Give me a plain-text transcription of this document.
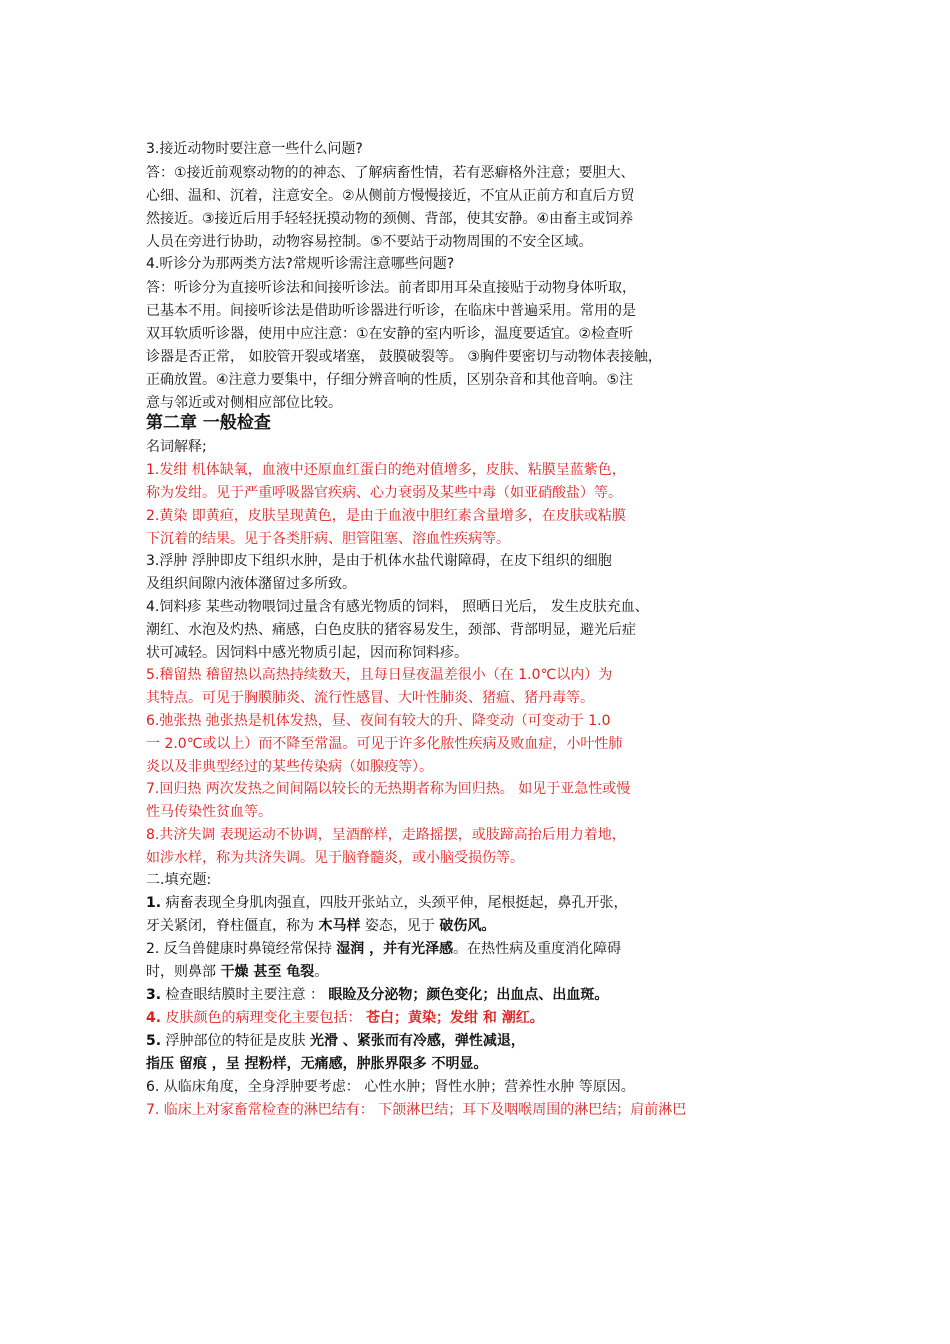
3.接近动物时要注意一些什么问题?
答：①接近前观察动物的的神态、了解病畜性情，若有恶癖格外注意；要胆大、
心细、温和、沉着，注意安全。②从侧前方慢慢接近，不宜从正前方和直后方贸
然接近。③接近后用手轻轻抚摸动物的颈侧、背部，使其安静。④由畜主或饲养
人员在旁进行协助，动物容易控制。⑤不要站于动物周围的不安全区域。
4.听诊分为那两类方法?常规听诊需注意哪些问题?
答：听诊分为直接听诊法和间接听诊法。前者即用耳朵直接贴于动物身体听取，
已基本不用。间接听诊法是借助听诊器进行听诊，在临床中普遍采用。常用的是
双耳软质听诊器，使用中应注意：①在安静的室内听诊，温度要适宜。②检查听
诊器是否正常， 如胶管开裂或堵塞， 鼓膜破裂等。 ③胸件要密切与动物体表接触，
正确放置。④注意力要集中，仔细分辨音响的性质，区别杂音和其他音响。⑤注
意与邻近或对侧相应部位比较。
第二章 一般检查
名词解释;
1.发绀 机体缺氧，血液中还原血红蛋白的绝对值增多，皮肤、粘膜呈蓝紫色，
称为发绀。见于严重呼吸器官疾病、心力衰弱及某些中毒（如亚硝酸盐）等。
2.黄染 即黄疸，皮肤呈现黄色，是由于血液中胆红素含量增多，在皮肤或粘膜
下沉着的结果。见于各类肝病、胆管阻塞、溶血性疾病等。
3.浮肿 浮肿即皮下组织水肿，是由于机体水盐代谢障碍，在皮下组织的细胞
及组织间隙内液体潴留过多所致。
4.饲料疹 某些动物喂饲过量含有感光物质的饲料， 照晒日光后， 发生皮肤充血、
潮红、水泡及灼热、痛感，白色皮肤的猪容易发生，颈部、背部明显，避光后症
状可减轻。因饲料中感光物质引起，因而称饲料疹。
5.稽留热 稽留热以高热持续数天，且每日昼夜温差很小（在 1.0℃以内）为
其特点。可见于胸膜肺炎、流行性感冒、大叶性肺炎、猪瘟、猪丹毒等。
6.弛张热 弛张热是机体发热，昼、夜间有较大的升、降变动（可变动于 1.0
一 2.0℃或以上）而不降至常温。可见于许多化脓性疾病及败血症，小叶性肺
炎以及非典型经过的某些传染病（如腺疫等）。
7.回归热 两次发热之间间隔以较长的无热期者称为回归热。 如见于亚急性或慢
性马传染性贫血等。
8.共济失调 表现运动不协调，呈酒醉样，走路摇摆，或肢蹄高抬后用力着地，
如涉水样，称为共济失调。见于脑脊髓炎，或小脑受损伤等。
二.填充题:
1. 病畜表现全身肌肉强直，四肢开张站立，头颈平伸，尾根挺起，鼻孔开张，
牙关紧闭，脊柱僵直，称为 木马样 姿态，见于 破伤风。
2. 反刍兽健康时鼻镜经常保持 湿润 ，并有光泽感。在热性病及重度消化障碍
时，则鼻部 干燥 甚至 龟裂。
3. 检查眼结膜时主要注意 ： 眼睑及分泌物；颜色变化；出血点、出血斑。
4. 皮肤颜色的病理变化主要包括： 苍白；黄染；发绀 和 潮红。
5. 浮肿部位的特征是皮肤 光滑 、紧张而有冷感，弹性减退，
指压 留痕 ，呈 捏粉样，无痛感，肿胀界限多 不明显。
6. 从临床角度，全身浮肿要考虑： 心性水肿；肾性水肿；营养性水肿 等原因。
7. 临床上对家畜常检查的淋巴结有： 下颌淋巴结；耳下及咽喉周围的淋巴结；肩前淋巴
